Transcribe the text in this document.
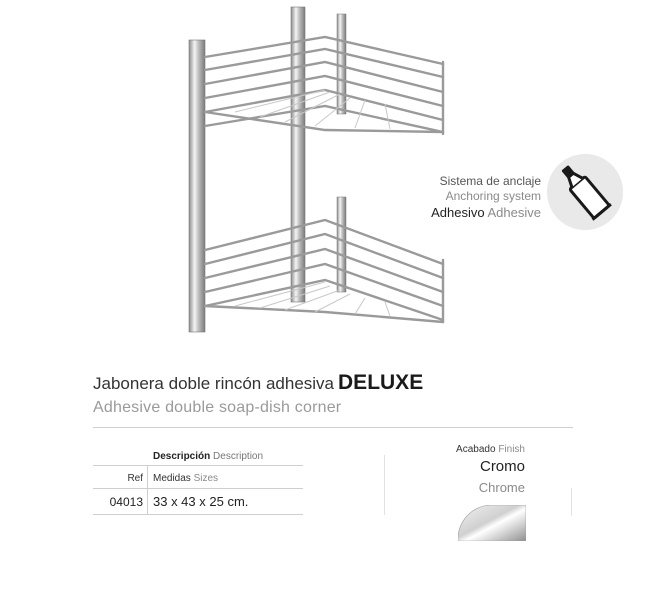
Sistema de anclaje
Anchoring system
Adhesivo Adhesive
Jabonera doble rincón adhesiva DELUXE
Adhesive double soap-dish corner
Descripción Description
Ref Medidas Sizes
04013 33 x 43 x 25 cm.
Acabado Finish
Cromo
Chrome
